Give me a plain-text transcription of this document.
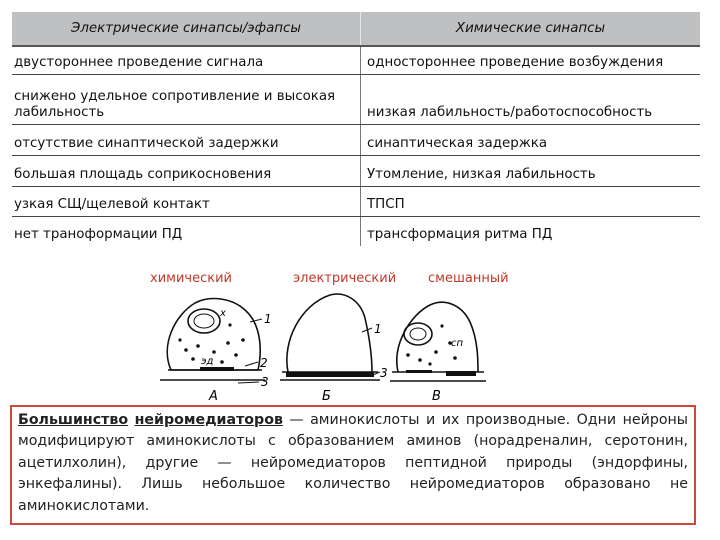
Электрические синапсы/эфапсы	Химические синапсы
двустороннее проведение сигнала	одностороннее проведение возбуждения
снижено удельное сопротивление и высокая лабильность	низкая лабильность/работоспособность
отсутствие синаптической задержки	синаптическая задержка
большая площадь соприкосновения	Утомление, низкая лабильность
узкая СЩ/щелевой контакт	ТПСП
нет траноформации ПД	трансформация ритма ПД
химический	электрический смешанный
1
2
3
х
эд
А
1
3
Б
сп
В
Большинство нейромедиаторов — аминокислоты и их производные. Одни нейроны модифицируют аминокислоты с образованием аминов (норадреналин, серотонин, ацетилхолин), другие — нейромедиаторов пептидной природы (эндорфины, энкефалины). Лишь небольшое количество нейромедиаторов образовано не аминокислотами.
